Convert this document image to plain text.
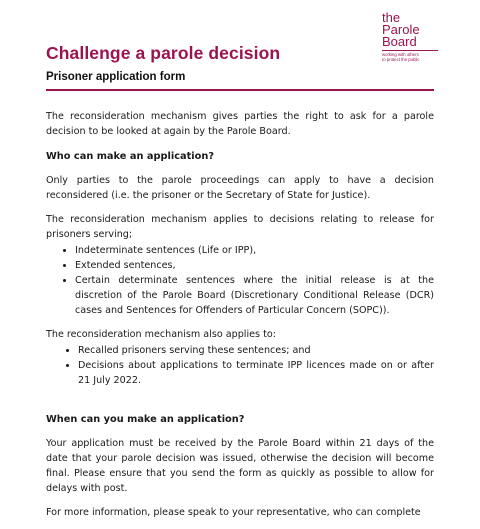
the
Parole
Board
working with others
to protect the public
Challenge a parole decision
Prisoner application form

The reconsideration mechanism gives parties the right to ask for a parole decision to be looked at again by the Parole Board.

Who can make an application?

Only parties to the parole proceedings can apply to have a decision reconsidered (i.e. the prisoner or the Secretary of State for Justice).

The reconsideration mechanism applies to decisions relating to release for prisoners serving;

• Indeterminate sentences (Life or IPP),
• Extended sentences,
• Certain determinate sentences where the initial release is at the discretion of the Parole Board (Discretionary Conditional Release (DCR) cases and Sentences for Offenders of Particular Concern (SOPC)).

The reconsideration mechanism also applies to:

• Recalled prisoners serving these sentences; and
• Decisions about applications to terminate IPP licences made on or after 21 July 2022.
When can you make an application?

Your application must be received by the Parole Board within 21 days of the date that your parole decision was issued, otherwise the decision will become final. Please ensure that you send the form as quickly as possible to allow for delays with post.

For more information, please speak to your representative, who can complete
